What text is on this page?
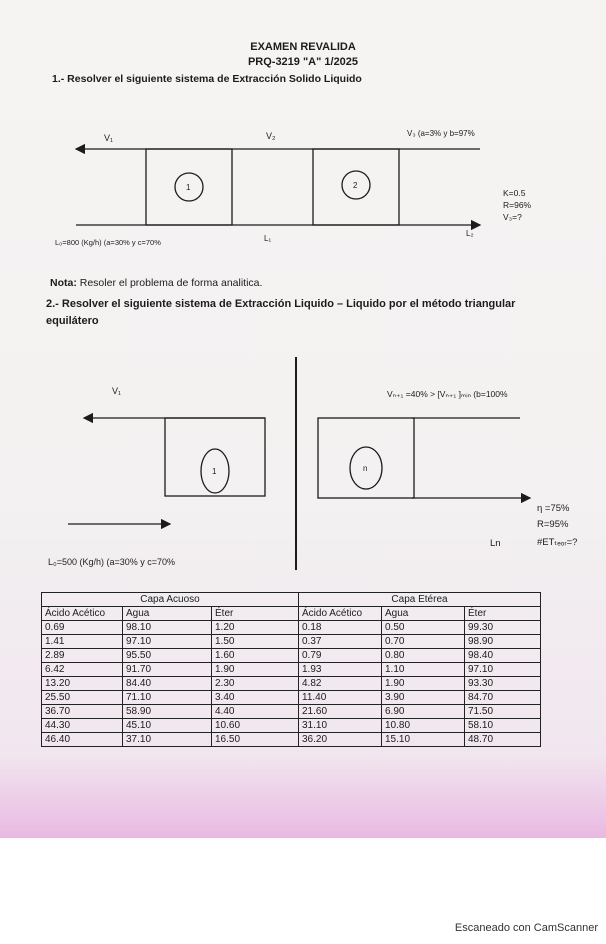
EXAMEN REVALIDA
PRQ-3219 "A" 1/2025
1.- Resolver el siguiente sistema de Extracción Solido Liquido
1	2
V₁	V₂	V₃ (a=3% y b=97%
L₁
L₂
L₀=800 (Kg/h) (a=30% y c=70%
K=0.5
R=96%
V₃=?
1	n
V₁	Vₙ₊₁ =40% > [Vₙ₊₁ ]ₘᵢₙ (b=100%
η =75%
R=95%
Ln	#ETₜₑₒᵣ=?
L₀=500 (Kg/h) (a=30% y c=70%
Nota: Resoler el problema de forma analitica.
2.- Resolver el siguiente sistema de Extracción Liquido – Liquido por el método triangular equilátero
Capa Acuoso			Capa Etérea		
Ácido Acético	Agua	Éter	Ácido Acético	Agua	Éter
0.69	98.10	1.20	0.18	0.50	99.30
1.41	97.10	1.50	0.37	0.70	98.90
2.89	95.50	1.60	0.79	0.80	98.40
6.42	91.70	1.90	1.93	1.10	97.10
13.20	84.40	2.30	4.82	1.90	93.30
25.50	71.10	3.40	11.40	3.90	84.70
36.70	58.90	4.40	21.60	6.90	71.50
44.30	45.10	10.60	31.10	10.80	58.10
46.40	37.10	16.50	36.20	15.10	48.70
Escaneado con CamScanner
